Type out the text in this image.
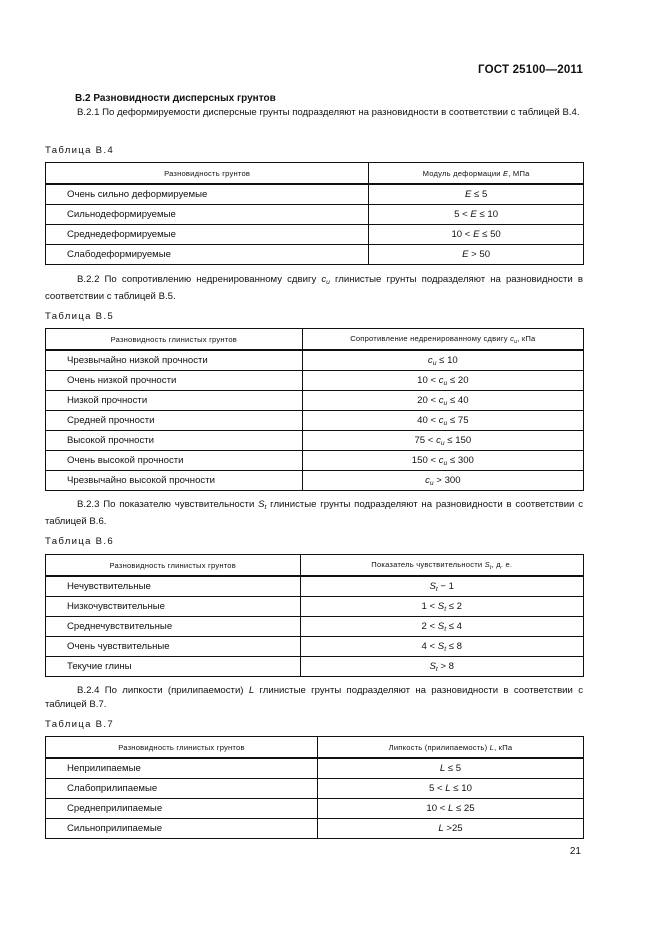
ГОСТ 25100—2011
В.2 Разновидности дисперсных грунтов
В.2.1 По деформируемости дисперсные грунты подразделяют на разновидности в соответствии с таблицей В.4.
Таблица В.4
Разновидность грунтов	Модуль деформации E, МПа
Очень сильно деформируемые	E ≤ 5
Сильнодеформируемые	5 < E ≤ 10
Среднедеформируемые	10 < E ≤ 50
Слабодеформируемые	E > 50
В.2.2 По сопротивлению недренированному сдвигу $c_u$ глинистые грунты подразделяют на разновидности в соответствии с таблицей В.5.
Таблица В.5
Разновидность глинистых грунтов	Сопротивление недренированному сдвигу $c_u$, кПа
Чрезвычайно низкой прочности	$c_u \le 10$
Очень низкой прочности	$10 < c_u \le 20$
Низкой прочности	$20 < c_u \le 40$
Средней прочности	$40 < c_u \le 75$
Высокой прочности	$75 < c_u \le 150$
Очень высокой прочности	$150 < c_u \le 300$
Чрезвычайно высокой прочности	$c_u > 300$
В.2.3 По показателю чувствительности $S_t$ глинистые грунты подразделяют на разновидности в соответствии с таблицей В.6.
Таблица В.6
Разновидность глинистых грунтов	Показатель чувствительности $S_t$, д. е.
Нечувствительные	$S_t - 1$
Низкочувствительные	$1 < S_t \le 2$
Среднечувствительные	$2 < S_t \le 4$
Очень чувствительные	$4 < S_t \le 8$
Текучие глины	$S_t > 8$
В.2.4 По липкости (прилипаемости) L глинистые грунты подразделяют на разновидности в соответствии с таблицей В.7.
Таблица В.7
Разновидность глинистых грунтов	Липкость (прилипаемость) L, кПа
Неприлипаемые	L ≤ 5
Слабоприлипаемые	5 < L ≤ 10
Среднеприлипаемые	10 < L ≤ 25
Сильноприлипаемые	L >25
21
